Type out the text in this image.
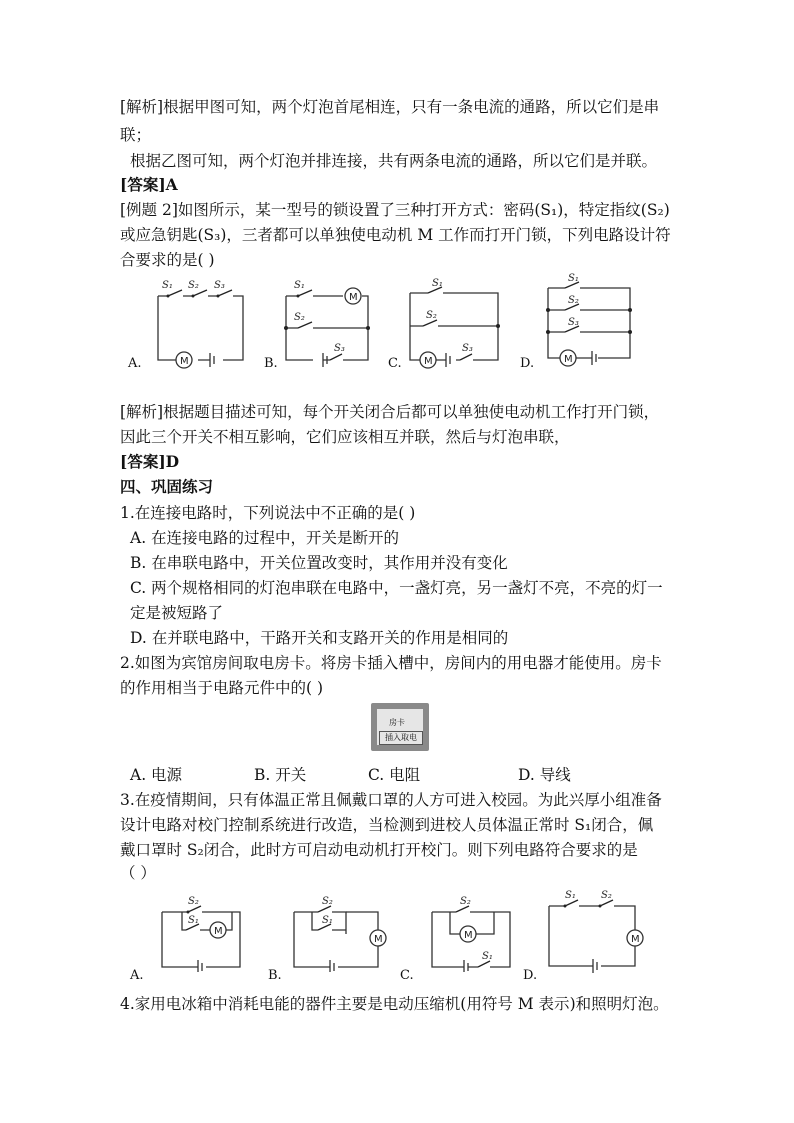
[解析]根据甲图可知，两个灯泡首尾相连，只有一条电流的通路，所以它们是串
联；
根据乙图可知，两个灯泡并排连接，共有两条电流的通路，所以它们是并联。
[答案]A
[例题 2]如图所示，某一型号的锁设置了三种打开方式：密码(S₁)，特定指纹(S₂)
或应急钥匙(S₃)，三者都可以单独使电动机 M 工作而打开门锁，下列电路设计符
合要求的是( )
S₁ S₂ S₃
M
A.
S₁
M
S₂
S₃
B.
S₁
S₂
M
S₃
C.
S₁
S₂
S₃
M
D.
[解析]根据题目描述可知，每个开关闭合后都可以单独使电动机工作打开门锁，
因此三个开关不相互影响，它们应该相互并联，然后与灯泡串联，
[答案]D
四、巩固练习
1.在连接电路时，下列说法中不正确的是( )
A. 在连接电路的过程中，开关是断开的
B. 在串联电路中，开关位置改变时，其作用并没有变化
C. 两个规格相同的灯泡串联在电路中，一盏灯亮，另一盏灯不亮，不亮的灯一
定是被短路了
D. 在并联电路中，干路开关和支路开关的作用是相同的
2.如图为宾馆房间取电房卡。将房卡插入槽中，房间内的用电器才能使用。房卡
的作用相当于电路元件中的( )
房卡
插入取电
A. 电源	B. 开关	C. 电阻	D. 导线
3.在疫情期间，只有体温正常且佩戴口罩的人方可进入校园。为此兴厚小组准备
设计电路对校门控制系统进行改造，当检测到进校人员体温正常时 S₁闭合，佩
戴口罩时 S₂闭合，此时方可启动电动机打开校门。则下列电路符合要求的是
（ ）
S₂
S₁
M
A.
S₂
S₁
M
B.
S₂
M
S₁
C.
S₁	S₂
M
D.
4.家用电冰箱中消耗电能的器件主要是电动压缩机(用符号 M 表示)和照明灯泡。
